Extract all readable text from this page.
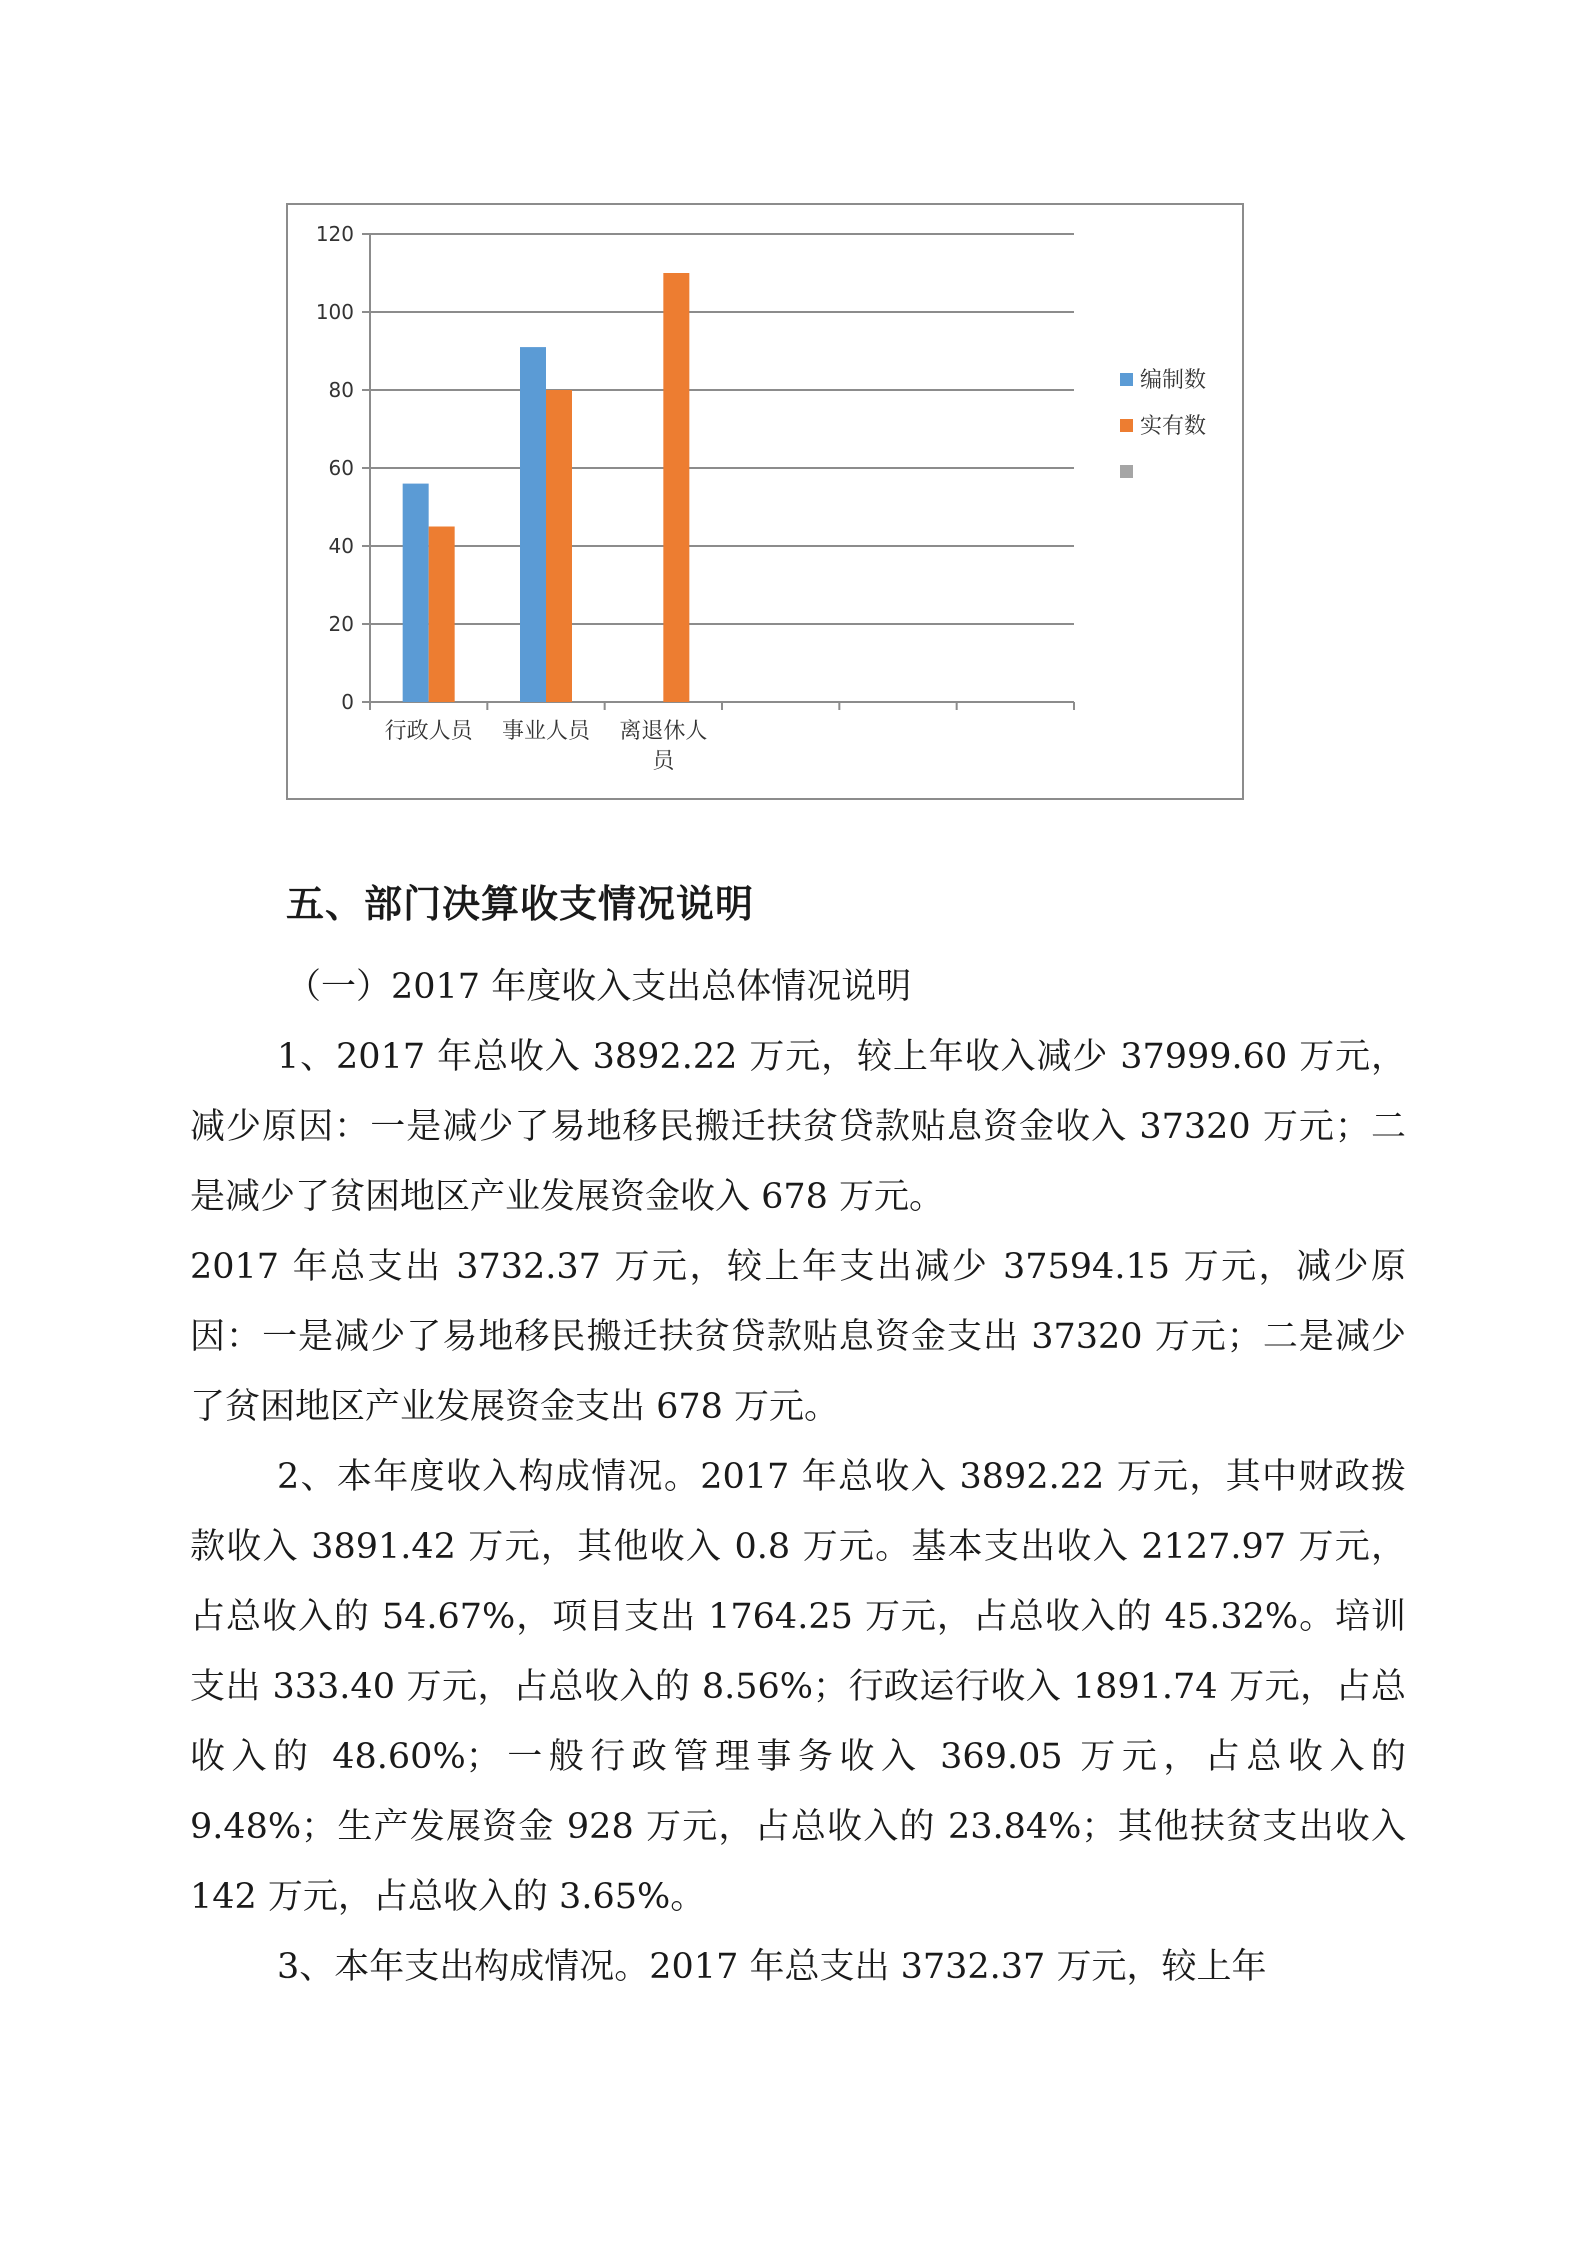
0
20
40
60
80
100
120
行政人员 事业人员 离退休人
员
编制数
实有数
五、部门决算收支情况说明

（一）2017 年度收入支出总体情况说明

1、2017 年总收入 3892.22 万元，较上年收入减少 37999.60 万元，减少原因：一是减少了易地移民搬迁扶贫贷款贴息资金收入 37320 万元；二是减少了贫困地区产业发展资金收入 678 万元。

2017 年总支出 3732.37 万元，较上年支出减少 37594.15 万元，减少原因：一是减少了易地移民搬迁扶贫贷款贴息资金支出 37320 万元；二是减少了贫困地区产业发展资金支出 678 万元。

2、本年度收入构成情况。2017 年总收入 3892.22 万元，其中财政拨款收入 3891.42 万元，其他收入 0.8 万元。基本支出收入 2127.97 万元，占总收入的 54.67%，项目支出 1764.25 万元，占总收入的 45.32%。培训支出 333.40 万元，占总收入的 8.56%；行政运行收入 1891.74 万元，占总收入的 48.60%；一般行政管理事务收入 369.05 万元，占总收入的 9.48%；生产发展资金 928 万元，占总收入的 23.84%；其他扶贫支出收入 142 万元，占总收入的 3.65%。

3、本年支出构成情况。2017 年总支出 3732.37 万元，较上年
